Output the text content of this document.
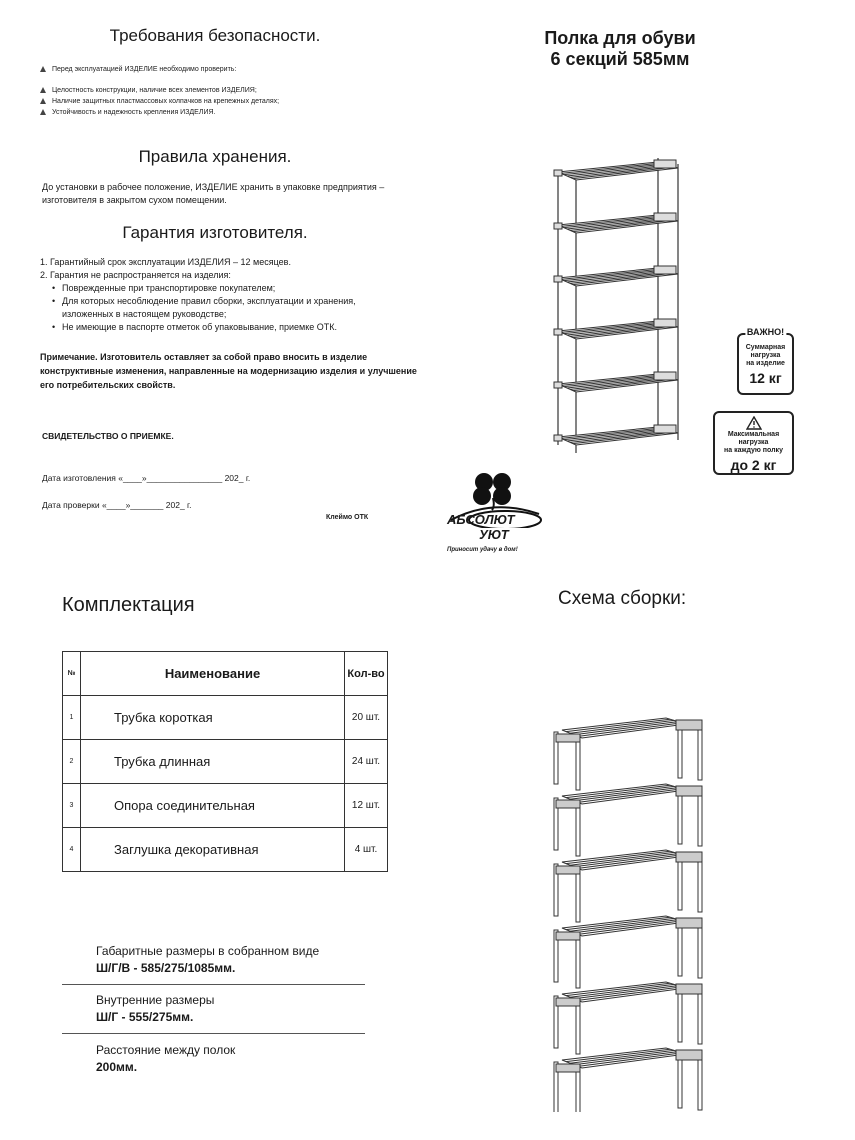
Требования безопасности.
Перед эксплуатацией ИЗДЕЛИЕ необходимо проверить:
Целостность конструкции, наличие всех элементов ИЗДЕЛИЯ;
Наличие защитных пластмассовых колпачков на крепежных деталях;
Устойчивость и надежность крепления ИЗДЕЛИЯ.
Правила хранения.
До установки в рабочее положение, ИЗДЕЛИЕ хранить в упаковке предприятия – изготовителя в закрытом сухом помещении.
Гарантия изготовителя.
1. Гарантийный срок эксплуатации ИЗДЕЛИЯ – 12 месяцев.
2. Гарантия не распространяется на изделия:
• Поврежденные при транспортировке покупателем;
• Для которых несоблюдение правил сборки, эксплуатации и хранения, изложенных в настоящем руководстве;
• Не имеющие в паспорте отметок об упаковывание, приемке ОТК.
Примечание. Изготовитель оставляет за собой право вносить в изделие конструктивные изменения, направленные на модернизацию изделия и улучшение его потребительских свойств.
СВИДЕТЕЛЬСТВО О ПРИЕМКЕ.
Дата изготовления «____»________________ 202_ г.
Дата проверки «____»_______ 202_ г.
Клеймо ОТК	АБСОЛЮТ
УЮТ
Приносит удачу в дом!
Полка для обуви
6 секций 585мм
ВАЖНО!
Суммарная
нагрузка
на изделие
12 кг
Максимальная
нагрузка
на каждую полку
до 2 кг
Комплектация
№	Наименование	Кол-во
1	Трубка короткая	20 шт.
2	Трубка длинная	24 шт.
3	Опора соединительная	12 шт.
4	Заглушка декоративная	4 шт.
Габаритные размеры в собранном виде
Ш/Г/В - 585/275/1085мм.
Внутренние размеры
Ш/Г - 555/275мм.
Расстояние между полок
200мм.
Схема сборки:
